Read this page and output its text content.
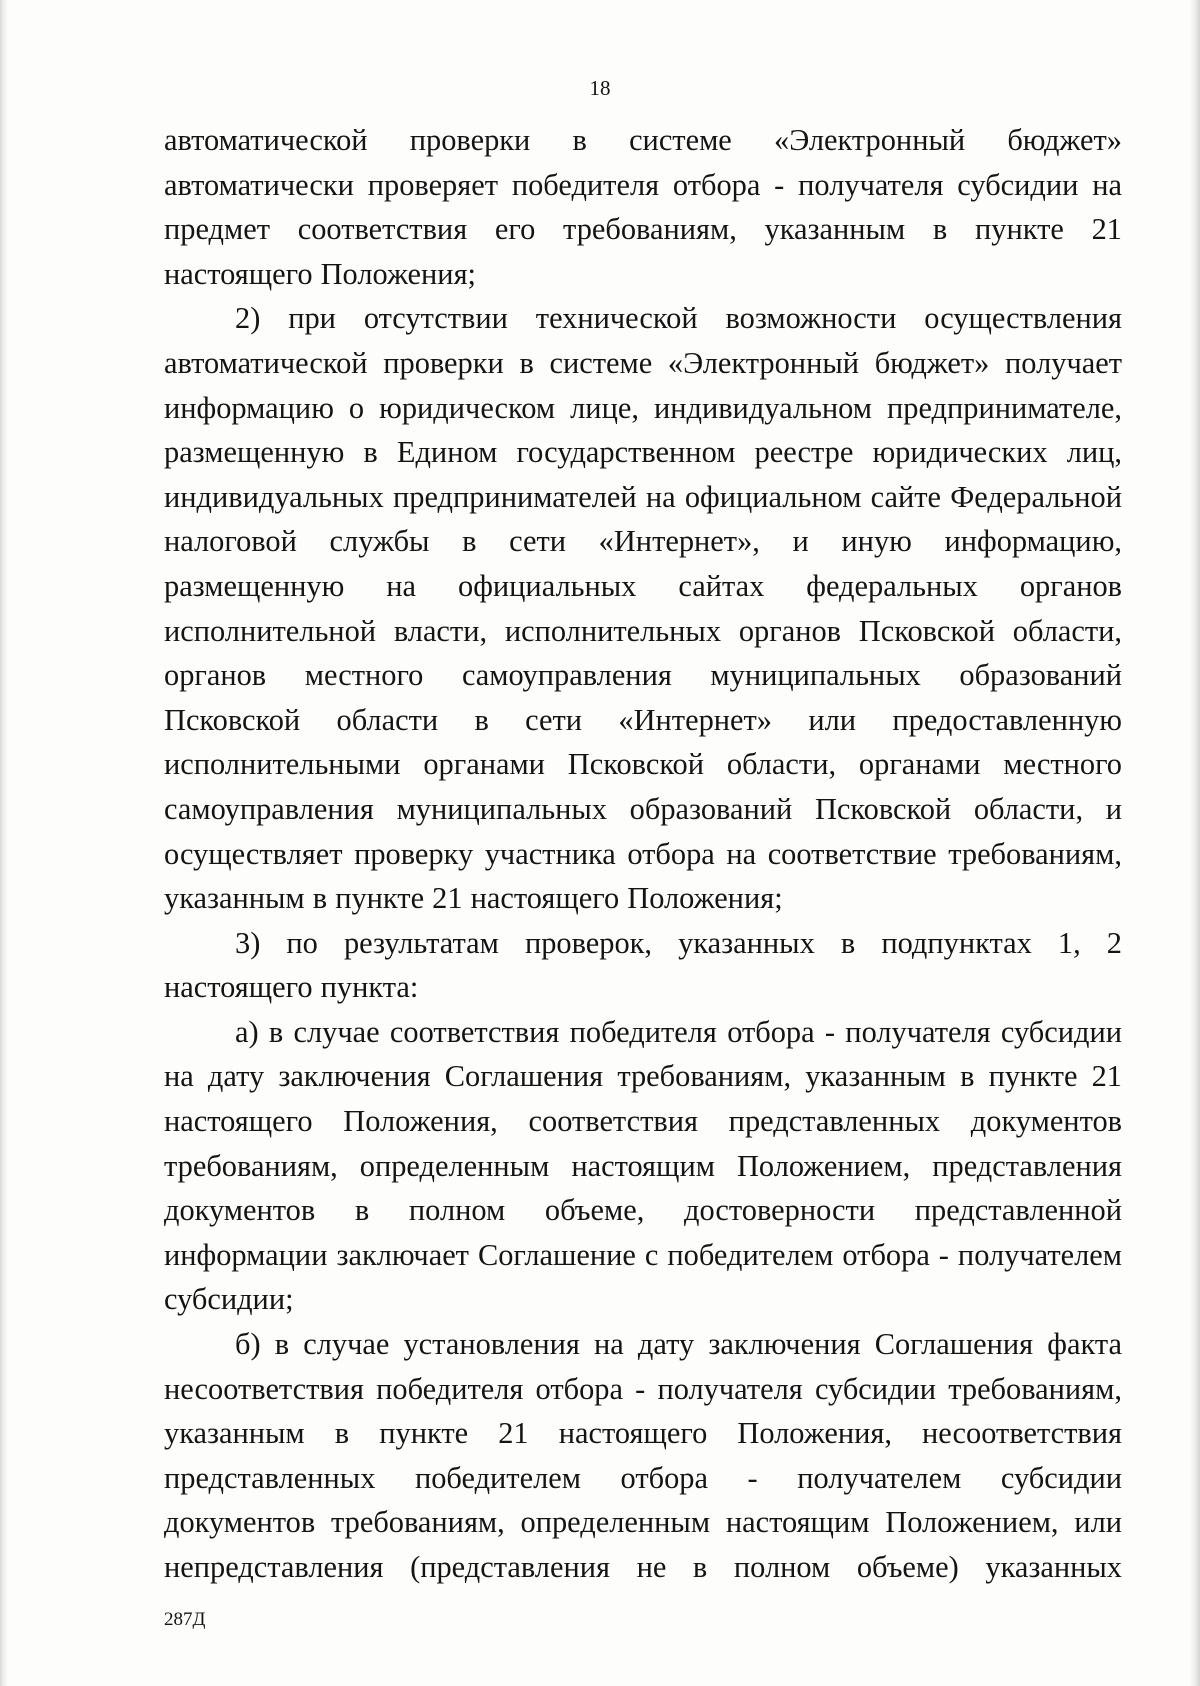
18

автоматической проверки в системе «Электронный бюджет» автоматически проверяет победителя отбора - получателя субсидии на предмет соответствия его требованиям, указанным в пункте 21 настоящего Положения;

2) при отсутствии технической возможности осуществления автоматической проверки в системе «Электронный бюджет» получает информацию о юридическом лице, индивидуальном предпринимателе, размещенную в Едином государственном реестре юридических лиц, индивидуальных предпринимателей на официальном сайте Федеральной налоговой службы в сети «Интернет», и иную информацию, размещенную на официальных сайтах федеральных органов исполнительной власти, исполнительных органов Псковской области, органов местного самоуправления муниципальных образований Псковской области в сети «Интернет» или предоставленную исполнительными органами Псковской области, органами местного самоуправления муниципальных образований Псковской области, и осуществляет проверку участника отбора на соответствие требованиям, указанным в пункте 21 настоящего Положения;

3) по результатам проверок, указанных в подпунктах 1, 2 настоящего пункта:

а) в случае соответствия победителя отбора - получателя субсидии на дату заключения Соглашения требованиям, указанным в пункте 21 настоящего Положения, соответствия представленных документов требованиям, определенным настоящим Положением, представления документов в полном объеме, достоверности представленной информации заключает Соглашение с победителем отбора - получателем субсидии;

б) в случае установления на дату заключения Соглашения факта несоответствия победителя отбора - получателя субсидии требованиям, указанным в пункте 21 настоящего Положения, несоответствия представленных победителем отбора - получателем субсидии документов требованиям, определенным настоящим Положением, или непредставления (представления не в полном объеме) указанных

287Д
